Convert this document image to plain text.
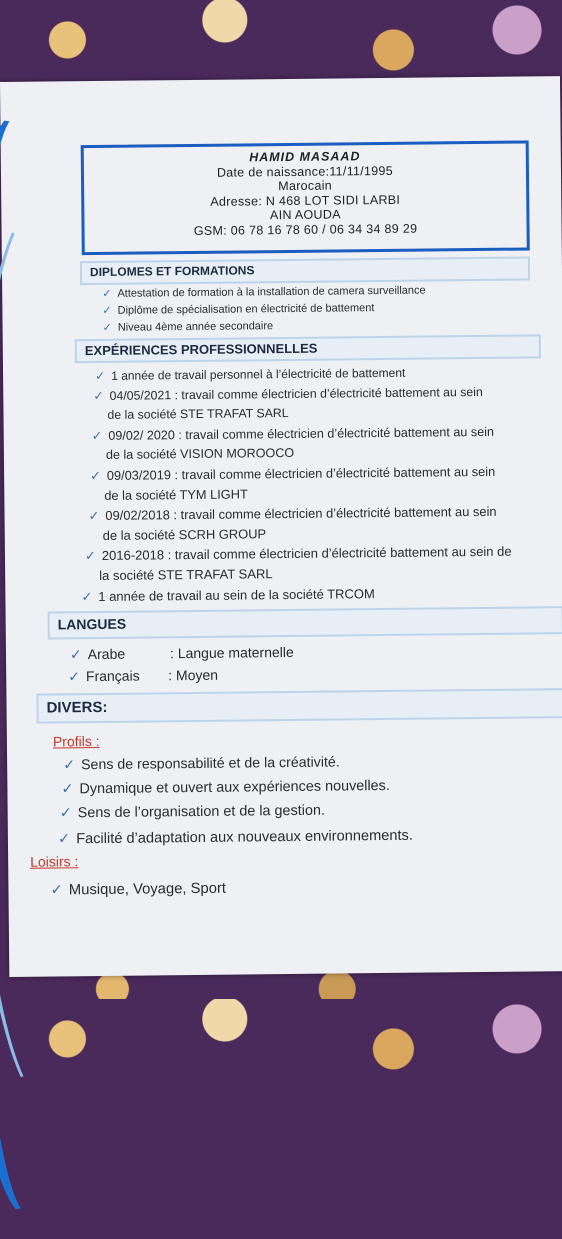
HAMID MASAAD
Date de naissance:11/11/1995
Marocain
Adresse: N 468 LOT SIDI LARBI
AIN AOUDA
GSM: 06 78 16 78 60 / 06 34 34 89 29
DIPLOMES ET FORMATIONS
✓ Attestation de formation à la installation de camera surveillance
✓ Diplôme de spécialisation en électricité de battement
✓ Niveau 4ème année secondaire
EXPÉRIENCES PROFESSIONNELLES
✓ 1 année de travail personnel à l’électricité de battement
✓ 04/05/2021 : travail comme électricien d’électricité battement au sein
de la société STE TRAFAT SARL
✓ 09/02/ 2020 : travail comme électricien d’électricité battement au sein
de la société VISION MOROOCO
✓ 09/03/2019 : travail comme électricien d’électricité battement au sein
de la société TYM LIGHT
✓ 09/02/2018 : travail comme électricien d’électricité battement au sein
de la société SCRH GROUP
✓ 2016-2018 : travail comme électricien d’électricité battement au sein de
la société STE TRAFAT SARL
✓ 1 année de travail au sein de la société TRCOM
LANGUES
✓ Arabe	: Langue maternelle
✓ Français : Moyen
DIVERS:
Profils :
✓ Sens de responsabilité et de la créativité.
✓ Dynamique et ouvert aux expériences nouvelles.
✓ Sens de l’organisation et de la gestion.
✓ Facilité d’adaptation aux nouveaux environnements.
Loisirs :
✓ Musique, Voyage, Sport
